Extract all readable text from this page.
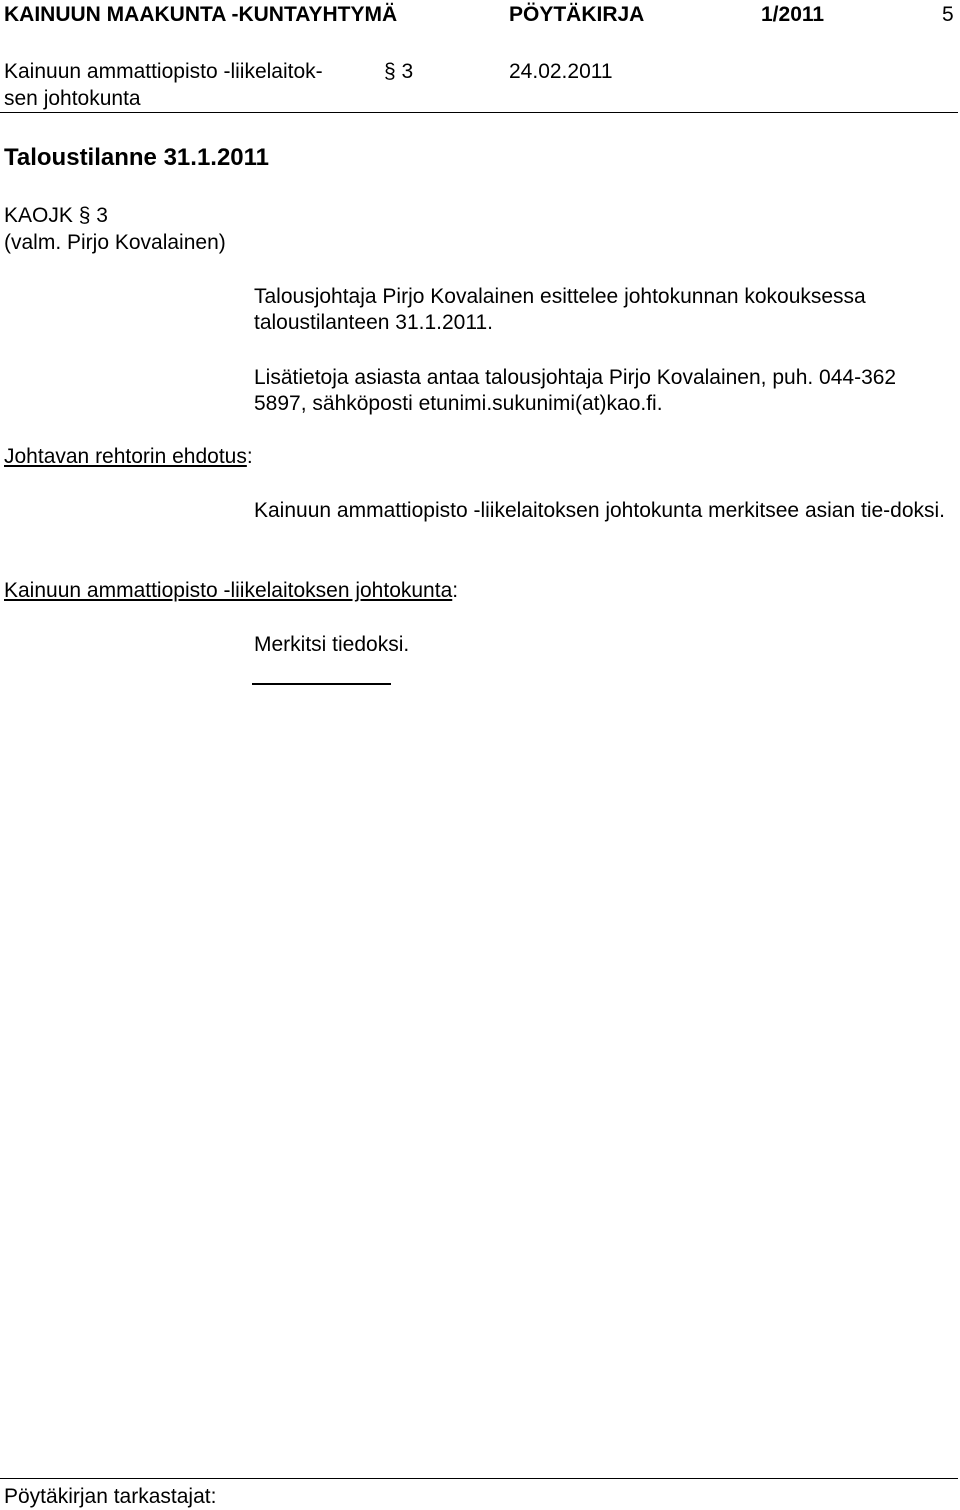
KAINUUN MAAKUNTA -KUNTAYHTYMÄ	PÖYTÄKIRJA	1/2011	5
Kainuun ammattiopisto -liikelaitok-
sen johtokunta
§ 3	24.02.2011
Taloustilanne 31.1.2011
KAOJK § 3
(valm. Pirjo Kovalainen)
Talousjohtaja Pirjo Kovalainen esittelee johtokunnan kokouksessa taloustilanteen 31.1.2011.
Lisätietoja asiasta antaa talousjohtaja Pirjo Kovalainen, puh. 044-362 5897, sähköposti etunimi.sukunimi(at)kao.fi.
Johtavan rehtorin ehdotus:
Kainuun ammattiopisto -liikelaitoksen johtokunta merkitsee asian tie-doksi.
Kainuun ammattiopisto -liikelaitoksen johtokunta:
Merkitsi tiedoksi.
Pöytäkirjan tarkastajat:
